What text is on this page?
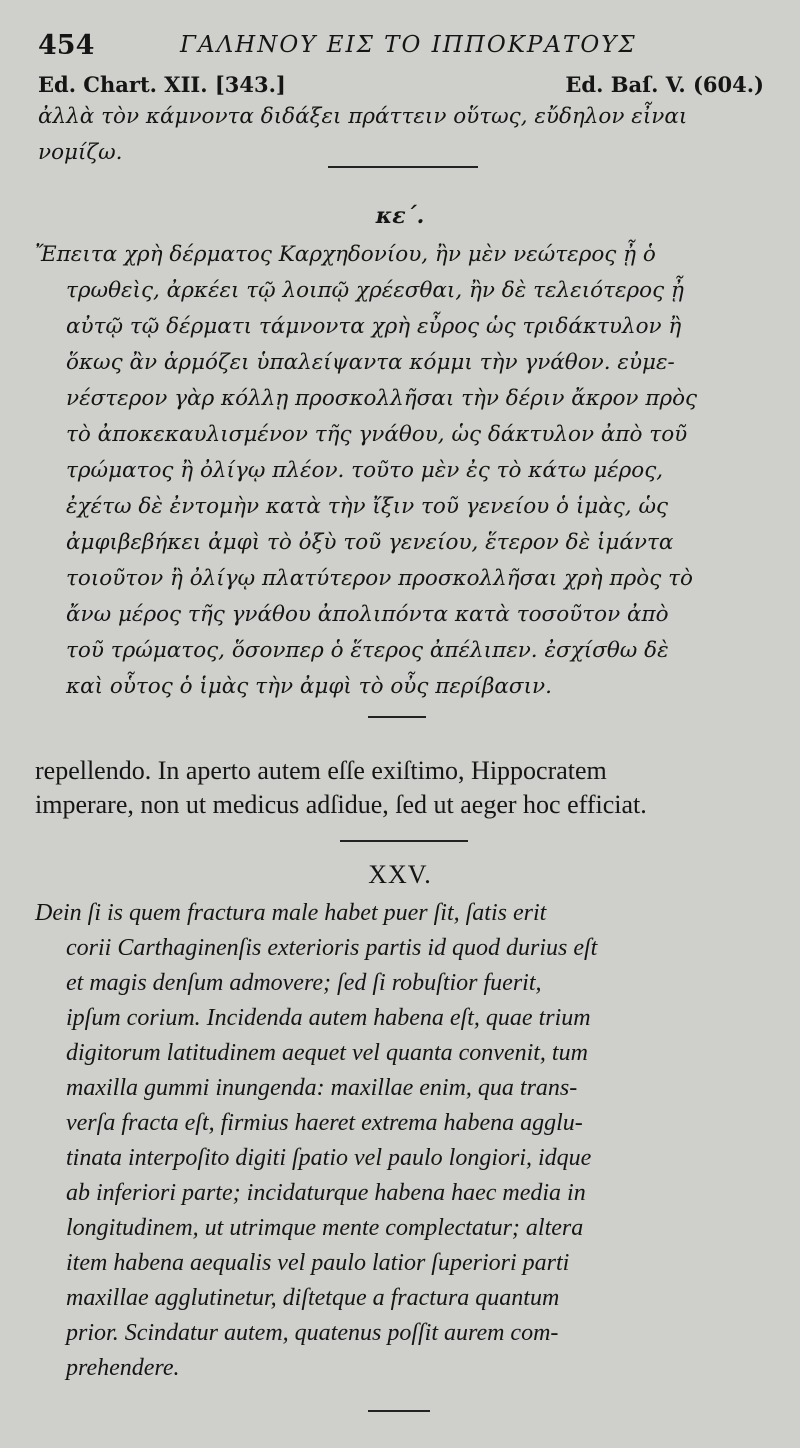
454	ΓΑΛΗΝΟΥ ΕΙΣ ΤΟ ΙΠΠΟΚΡΑΤΟΥΣ
Ed. Chart. XII. [343.]	Ed. Baſ. V. (604.)
ἀλλὰ τὸν κάμνοντα διδάξει πράττειν οὕτως, εὔδηλον εἶναι
νομίζω.
κε΄.
Ἔπειτα χρὴ δέρματος Καρχηδονίου, ἢν μὲν νεώτερος ᾖ ὁ
τρωθεὶς, ἀρκέει τῷ λοιπῷ χρέεσθαι, ἢν δὲ τελειότερος ᾖ
αὐτῷ τῷ δέρματι τάμνοντα χρὴ εὖρος ὡς τριδάκτυλον ἢ
ὅκως ἂν ἁρμόζει ὑπαλείψαντα κόμμι τὴν γνάθον. εὐμε-
νέστερον γὰρ κόλλῃ προσκολλῆσαι τὴν δέριν ἄκρον πρὸς
τὸ ἀποκεκαυλισμένον τῆς γνάθου, ὡς δάκτυλον ἀπὸ τοῦ
τρώματος ἢ ὀλίγῳ πλέον. τοῦτο μὲν ἐς τὸ κάτω μέρος,
ἐχέτω δὲ ἐντομὴν κατὰ τὴν ἴξιν τοῦ γενείου ὁ ἱμὰς, ὡς
ἀμφιβεβήκει ἀμφὶ τὸ ὀξὺ τοῦ γενείου, ἕτερον δὲ ἱμάντα
τοιοῦτον ἢ ὀλίγῳ πλατύτερον προσκολλῆσαι χρὴ πρὸς τὸ
ἄνω μέρος τῆς γνάθου ἀπολιπόντα κατὰ τοσοῦτον ἀπὸ
τοῦ τρώματος, ὅσονπερ ὁ ἕτερος ἀπέλιπεν. ἐσχίσθω δὲ
καὶ οὗτος ὁ ἱμὰς τὴν ἀμφὶ τὸ οὖς περίβασιν.
repellendo. In aperto autem eſſe exiſtimo, Hippocratem
imperare, non ut medicus adſidue, ſed ut aeger hoc efficiat.
XXV.
Dein ſi is quem fractura male habet puer ſit, ſatis erit
corii Carthaginenſis exterioris partis id quod durius eſt
et magis denſum admovere; ſed ſi robuſtior fuerit,
ipſum corium. Incidenda autem habena eſt, quae trium
digitorum latitudinem aequet vel quanta convenit, tum
maxilla gummi inungenda: maxillae enim, qua trans-
verſa fracta eſt, firmius haeret extrema habena agglu-
tinata interpoſito digiti ſpatio vel paulo longiori, idque
ab inferiori parte; incidaturque habena haec media in
longitudinem, ut utrimque mente complectatur; altera
item habena aequalis vel paulo latior ſuperiori parti
maxillae agglutinetur, diſtetque a fractura quantum
prior. Scindatur autem, quatenus poſſit aurem com-
prehendere.
